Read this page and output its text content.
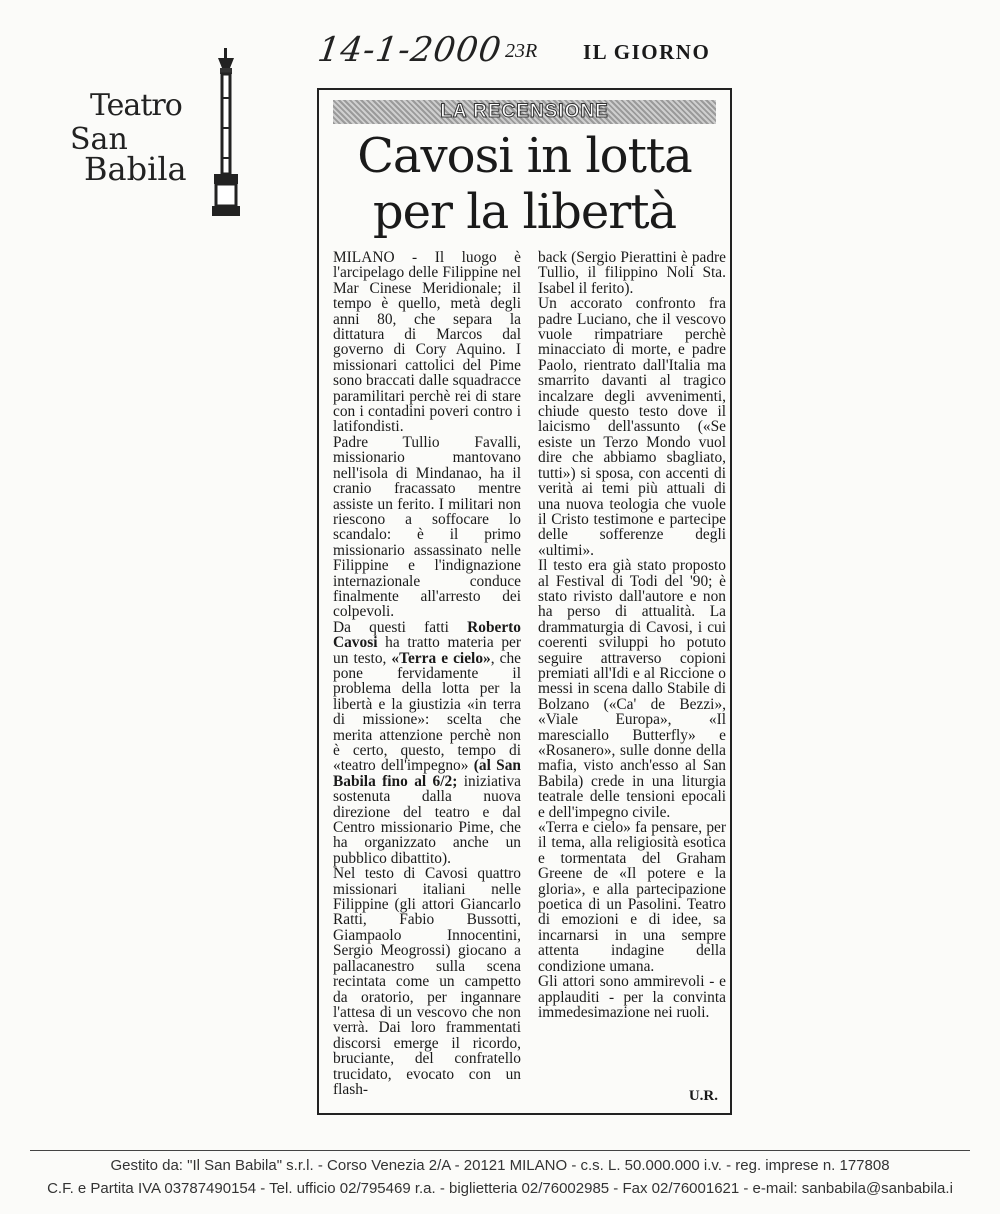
14-1-2000 23R IL GIORNO
Teatro
San
Babila
LA RECENSIONE
Cavosi in lotta
per la libertà

MILANO - Il luogo è l'arcipelago delle Filippine nel Mar Cinese Meridionale; il tempo è quello, metà degli anni 80, che separa la dittatura di Marcos dal governo di Cory Aquino. I missionari cattolici del Pime sono braccati dalle squadracce paramilitari perchè rei di stare con i contadini poveri contro i latifondisti.

Padre Tullio Favalli, missionario mantovano nell'isola di Mindanao, ha il cranio fracassato mentre assiste un ferito. I militari non riescono a soffocare lo scandalo: è il primo missionario assassinato nelle Filippine e l'indignazione internazionale conduce finalmente all'arresto dei colpevoli.

Da questi fatti Roberto Cavosi ha tratto materia per un testo, «Terra e cielo», che pone fervidamente il problema della lotta per la libertà e la giustizia «in terra di missione»: scelta che merita attenzione perchè non è certo, questo, tempo di «teatro dell'impegno» (al San Babila fino al 6/2; iniziativa sostenuta dalla nuova direzione del teatro e dal Centro missionario Pime, che ha organizzato anche un pubblico dibattito).

Nel testo di Cavosi quattro missionari italiani nelle Filippine (gli attori Giancarlo Ratti, Fabio Bussotti, Giampaolo Innocentini, Sergio Meogrossi) giocano a pallacanestro sulla scena recintata come un campetto da oratorio, per ingannare l'attesa di un vescovo che non verrà. Dai loro frammentati discorsi emerge il ricordo, bruciante, del confratello trucidato, evocato con un flash-

back (Sergio Pierattini è padre Tullio, il filippino Noli Sta. Isabel il ferito).

Un accorato confronto fra padre Luciano, che il vescovo vuole rimpatriare perchè minacciato di morte, e padre Paolo, rientrato dall'Italia ma smarrito davanti al tragico incalzare degli avvenimenti, chiude questo testo dove il laicismo dell'assunto («Se esiste un Terzo Mondo vuol dire che abbiamo sbagliato, tutti») si sposa, con accenti di verità ai temi più attuali di una nuova teologia che vuole il Cristo testimone e partecipe delle sofferenze degli «ultimi».

Il testo era già stato proposto al Festival di Todi del '90; è stato rivisto dall'autore e non ha perso di attualità. La drammaturgia di Cavosi, i cui coerenti sviluppi ho potuto seguire attraverso copioni premiati all'Idi e al Riccione o messi in scena dallo Stabile di Bolzano («Ca' de Bezzi», «Viale Europa», «Il maresciallo Butterfly» e «Rosanero», sulle donne della mafia, visto anch'esso al San Babila) crede in una liturgia teatrale delle tensioni epocali e dell'impegno civile.

«Terra e cielo» fa pensare, per il tema, alla religiosità esotica e tormentata del Graham Greene de «Il potere e la gloria», e alla partecipazione poetica di un Pasolini. Teatro di emozioni e di idee, sa incarnarsi in una sempre attenta indagine della condizione umana.

Gli attori sono ammirevoli - e applauditi - per la convinta immedesimazione nei ruoli.

U.R.
Gestito da: "Il San Babila" s.r.l. - Corso Venezia 2/A - 20121 MILANO - c.s. L. 50.000.000 i.v. - reg. imprese n. 177808
C.F. e Partita IVA 03787490154 - Tel. ufficio 02/795469 r.a. - biglietteria 02/76002985 - Fax 02/76001621 - e-mail: sanbabila@sanbabila.i
